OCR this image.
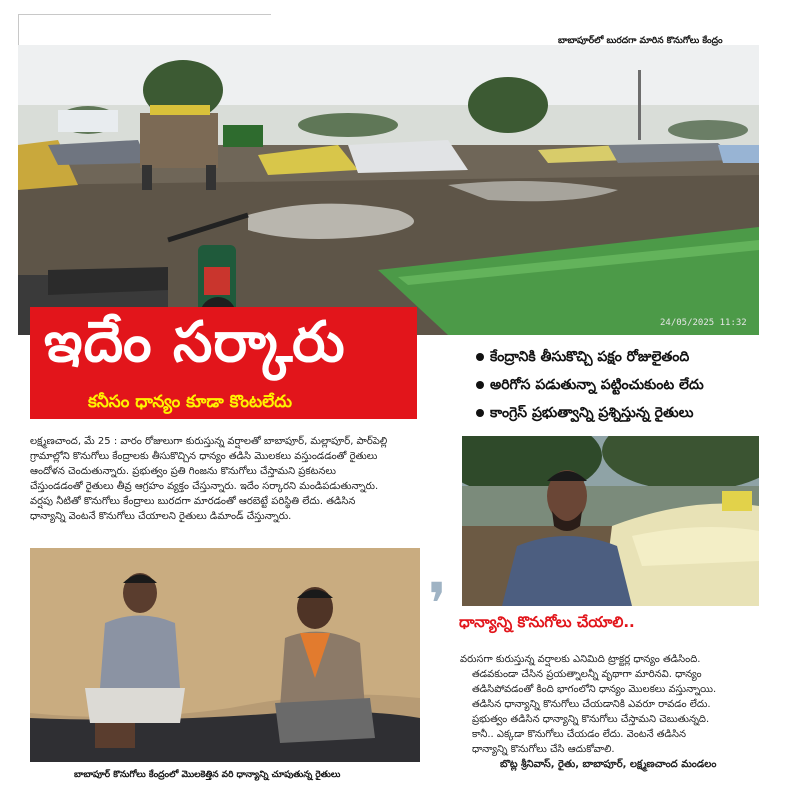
బాబాపూర్‌లో బురదగా మారిన కొనుగోలు కేంద్రం
24/05/2025 11:32
ఇదేం సర్కారు
కనీసం ధాన్యం కూడా కొంటలేదు
కేంద్రానికి తీసుకొచ్చి పక్షం రోజులైతంది
అరిగోస పడుతున్నా పట్టించుకుంట లేదు
కాంగ్రెస్ ప్రభుత్వాన్ని ప్రశ్నిస్తున్న రైతులు
లక్ష్మణచాంద, మే 25 : వారం రోజులుగా కురుస్తున్న వర్షాలతో బాబాపూర్, మల్లాపూర్, పార్‌పెల్లి
గ్రామాల్లోని కొనుగోలు కేంద్రాలకు తీసుకొచ్చిన ధాన్యం తడిసి మొలకలు వస్తుండడంతో రైతులు
ఆందోళన చెందుతున్నారు. ప్రభుత్వం ప్రతి గింజను కొనుగోలు చేస్తామని ప్రకటనలు
చేస్తుండడంతో రైతులు తీవ్ర ఆగ్రహం వ్యక్తం చేస్తున్నారు. ఇదేం సర్కారని మండిపడుతున్నారు.
వర్షపు నీటితో కొనుగోలు కేంద్రాలు బురదగా మారడంతో ఆరబెట్టే పరిస్థితి లేదు. తడిసిన
ధాన్యాన్ని వెంటనే కొనుగోలు చేయాలని రైతులు డిమాండ్ చేస్తున్నారు.
❜ ధాన్యాన్ని కొనుగోలు చేయాలి..
వరుసగా కురుస్తున్న వర్షాలకు ఎనిమిది ట్రాక్టర్ల ధాన్యం తడిసింది.
తడవకుండా చేసిన ప్రయత్నాలన్నీ వృథాగా మారినవి. ధాన్యం
తడిసిపోవడంతో కింది భాగంలోని ధాన్యం మొలకలు వస్తున్నాయి.
తడిసిన ధాన్యాన్ని కొనుగోలు చేయడానికి ఎవరూ రావడం లేదు.
ప్రభుత్వం తడిసిన ధాన్యాన్ని కొనుగోలు చేస్తామని చెబుతున్నది.
కానీ.. ఎక్కడా కొనుగోలు చేయడం లేదు. వెంటనే తడిసిన
ధాన్యాన్ని కొనుగోలు చేసి ఆదుకోవాలి.
బొట్ల శ్రీనివాస్, రైతు, బాబాపూర్, లక్ష్మణచాంద మండలం
బాబాపూర్ కొనుగోలు కేంద్రంలో మొలకెత్తిన వరి ధాన్యాన్ని చూపుతున్న రైతులు
